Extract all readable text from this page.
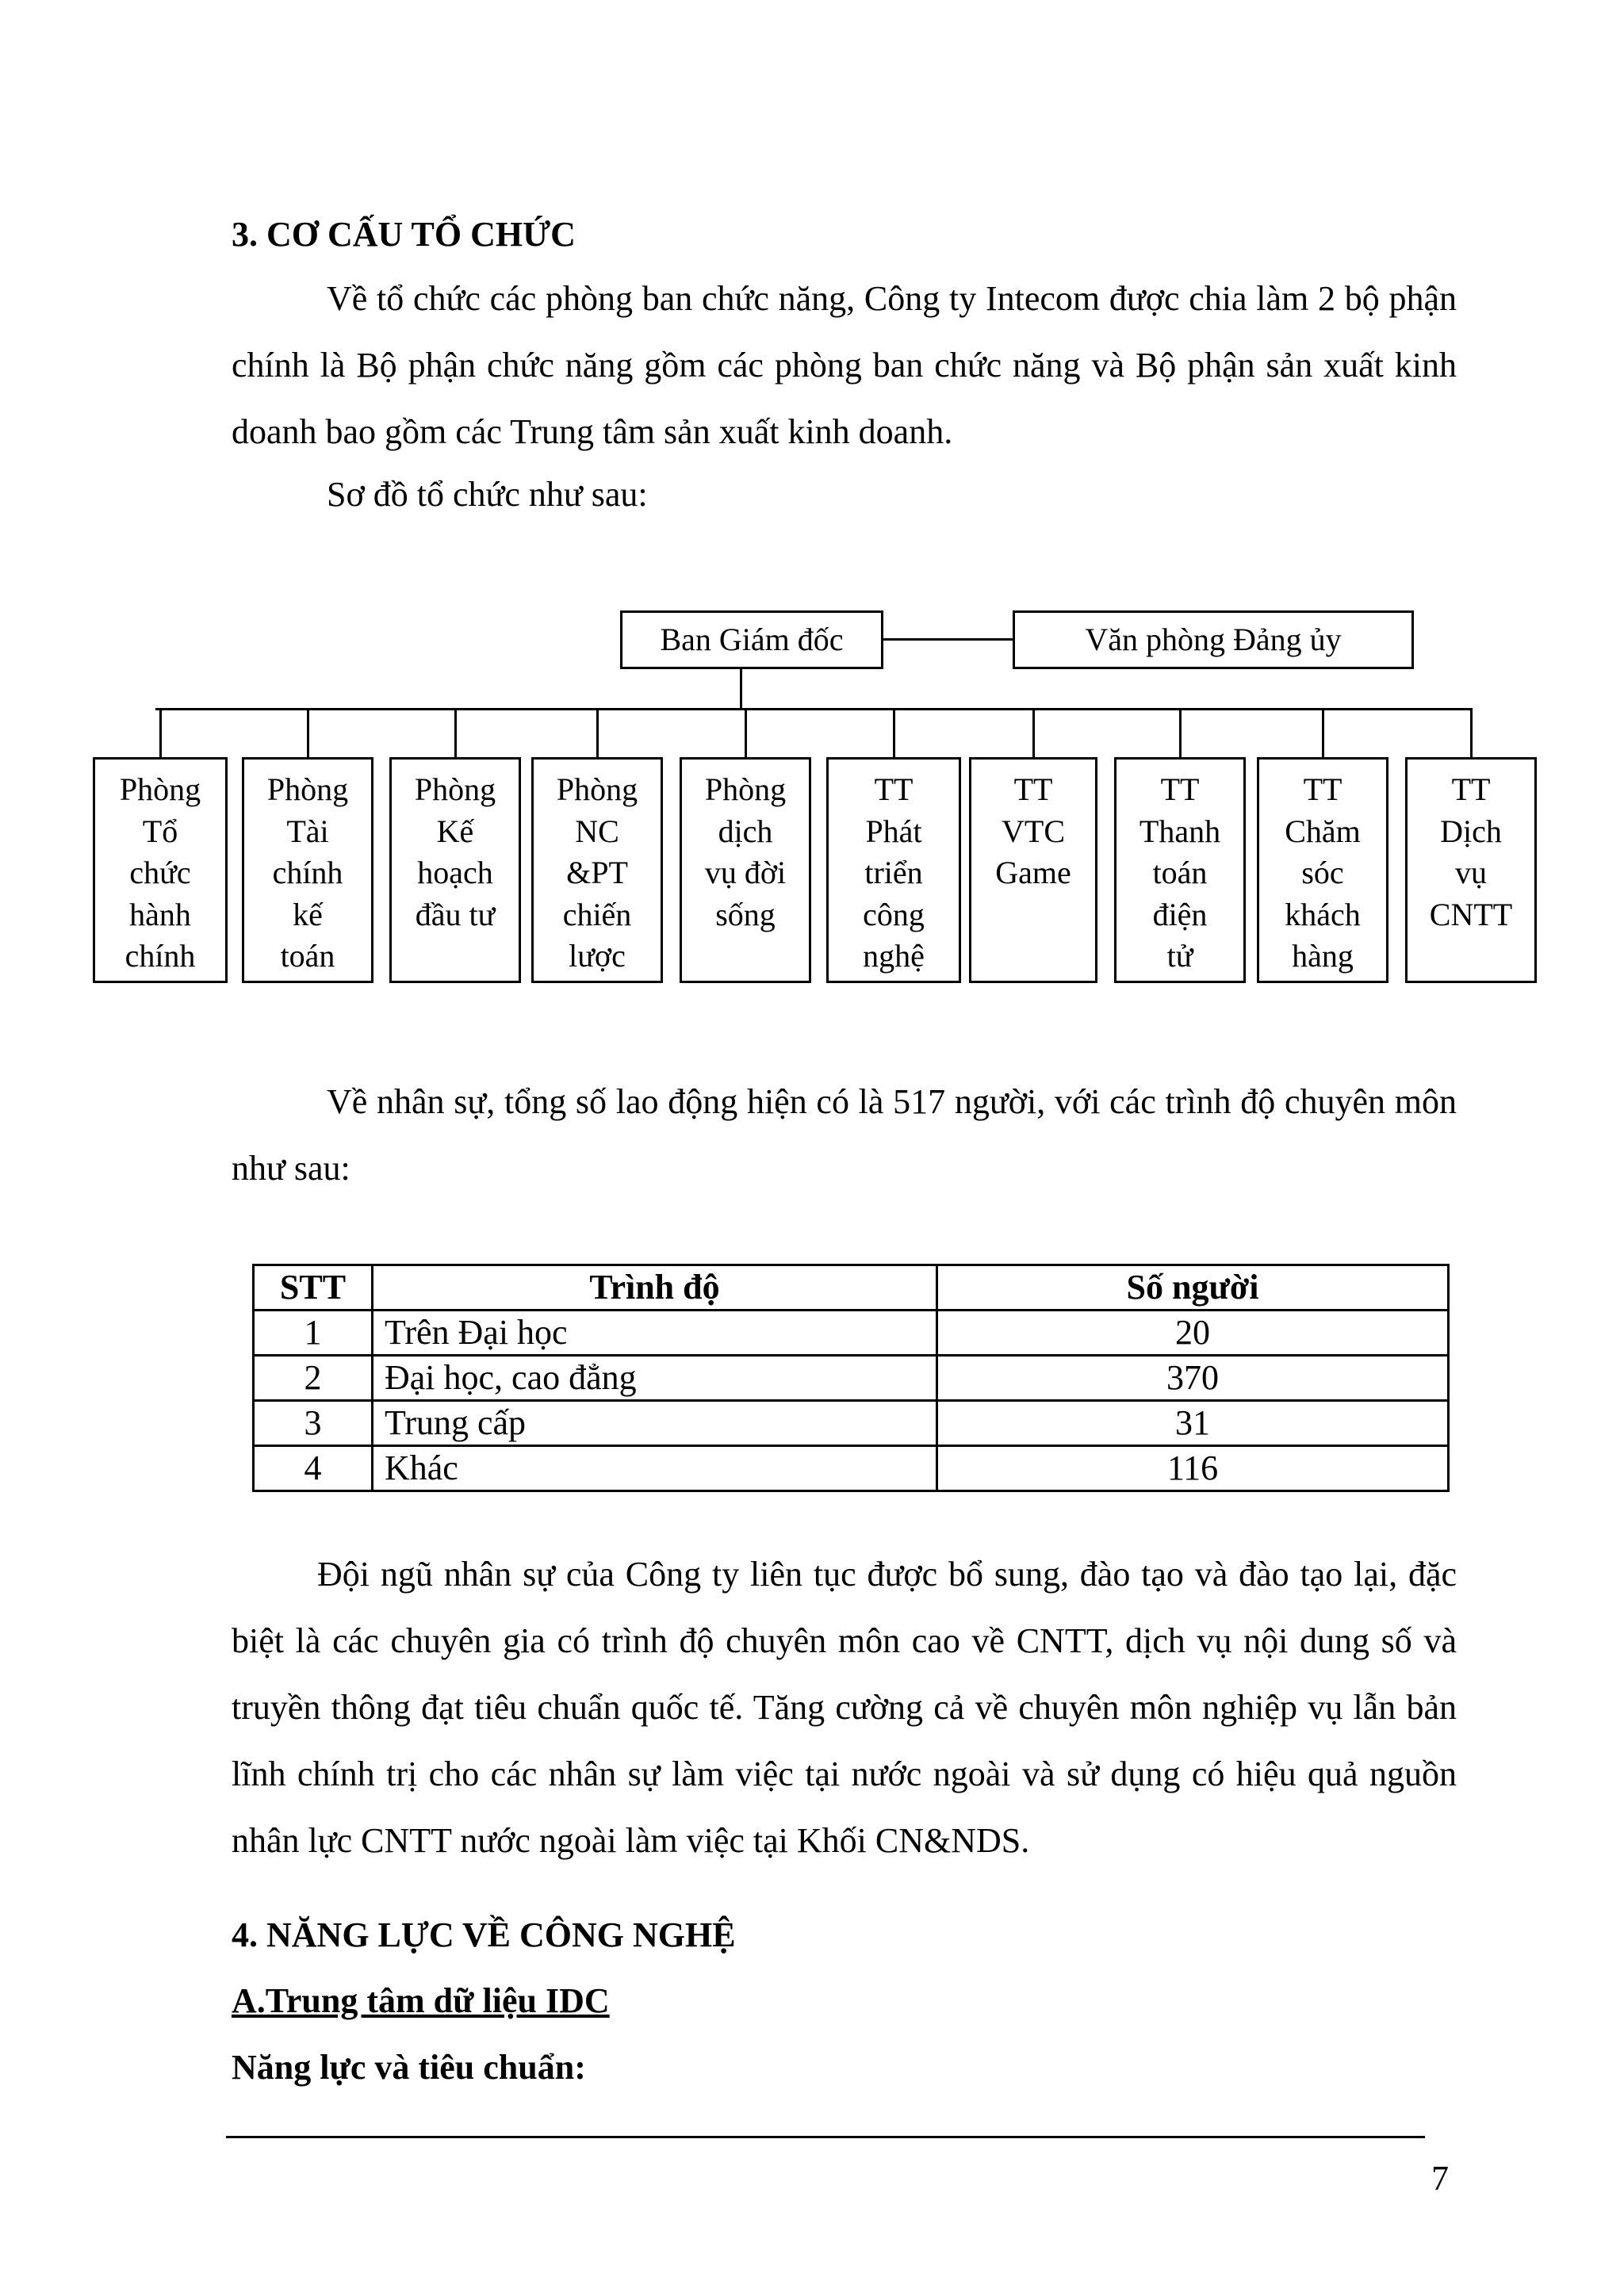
3. CƠ CẤU TỔ CHỨC
Về tổ chức các phòng ban chức năng, Công ty Intecom được chia làm 2 bộ phận chính là Bộ phận chức năng gồm các phòng ban chức năng và Bộ phận sản xuất kinh doanh bao gồm các Trung tâm sản xuất kinh doanh.
Sơ đồ tổ chức như sau:
Ban Giám đốc	Văn phòng Đảng ủy
Phòng
Tổ
chức
hành
chính
Phòng
Tài
chính
kế
toán
Phòng
Kế
hoạch
đầu tư
Phòng
NC
&PT
chiến
lược
Phòng
dịch
vụ đời
sống
TT
Phát
triển
công
nghệ
TT
VTC
Game
TT
Thanh
toán
điện
tử
TT
Chăm
sóc
khách
hàng
TT
Dịch
vụ
CNTT
Về nhân sự, tổng số lao động hiện có là 517 người, với các trình độ chuyên môn như sau:
STT	Trình độ	Số người
1	Trên Đại học	20
2	Đại học, cao đẳng	370
3	Trung cấp	31
4	Khác	116
Đội ngũ nhân sự của Công ty liên tục được bổ sung, đào tạo và đào tạo lại, đặc biệt là các chuyên gia có trình độ chuyên môn cao về CNTT, dịch vụ nội dung số và truyền thông đạt tiêu chuẩn quốc tế. Tăng cường cả về chuyên môn nghiệp vụ lẫn bản lĩnh chính trị cho các nhân sự làm việc tại nước ngoài và sử dụng có hiệu quả nguồn nhân lực CNTT nước ngoài làm việc tại Khối CN&NDS.
4. NĂNG LỰC VỀ CÔNG NGHỆ
A.Trung tâm dữ liệu IDC
Năng lực và tiêu chuẩn:
7
